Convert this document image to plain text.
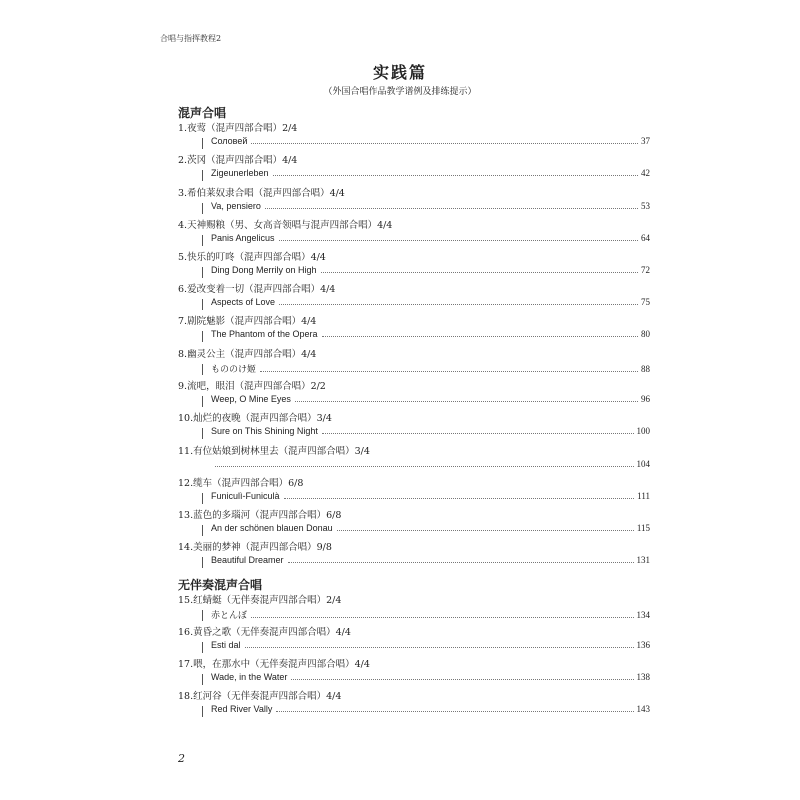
合唱与指挥教程2
实践篇
（外国合唱作品教学谱例及排练提示）
混声合唱
无伴奏混声合唱
1.夜莺（混声四部合唱）2/4
Соловей	37
2.茨冈（混声四部合唱）4/4
Zigeunerleben	42
3.希伯莱奴隶合唱（混声四部合唱）4/4
Va, pensiero	53
4.天神赐粮（男、女高音领唱与混声四部合唱）4/4
Panis Angelicus	64
5.快乐的叮咚（混声四部合唱）4/4
Ding Dong Merrily on High	72
6.爱改变着一切（混声四部合唱）4/4
Aspects of Love	75
7.剧院魅影（混声四部合唱）4/4
The Phantom of the Opera	80
8.幽灵公主（混声四部合唱）4/4
もののけ姬	88
9.流吧，眼泪（混声四部合唱）2/2
Weep, O Mine Eyes	96
10.灿烂的夜晚（混声四部合唱）3/4
Sure on This Shining Night	100
11.有位姑娘到树林里去（混声四部合唱）3/4
104
12.缆车（混声四部合唱）6/8
Funiculì-Funiculà	111
13.蓝色的多瑙河（混声四部合唱）6/8
An der schönen blauen Donau	115
14.美丽的梦神（混声四部合唱）9/8
Beautiful Dreamer	131
15.红蜻蜓（无伴奏混声四部合唱）2/4
赤とんぼ	134
16.黄昏之歌（无伴奏混声四部合唱）4/4
Esti dal	136
17.喂，在那水中（无伴奏混声四部合唱）4/4
Wade, in the Water	138
18.红河谷（无伴奏混声四部合唱）4/4
Red River Vally	143
2
